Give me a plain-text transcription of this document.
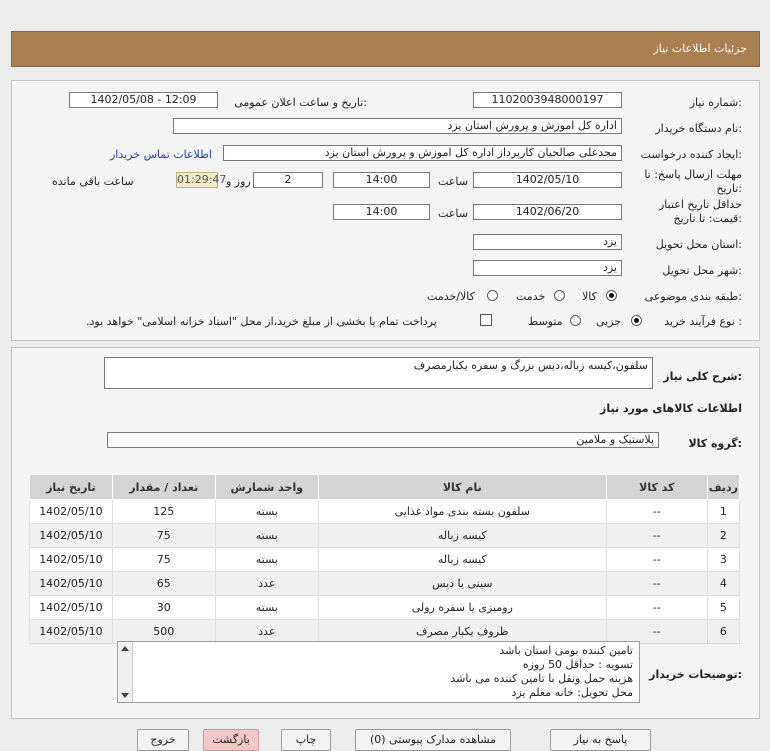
جزئیات اطلاعات نیاز
شماره نیاز:
1102003948000197
تاریخ و ساعت اعلان عمومی:
1402/05/08 - 12:09
نام دستگاه خریدار:
اداره کل اموزش و پرورش استان یزد
ایجاد کننده درخواست:
مجدعلی صالحیان کارپرداز اداره کل اموزش و پرورش استان یزد
اطلاعات تماس خریدار
مهلت ارسال پاسخ: تا تاریخ:
1402/05/10
ساعت
14:00
2
روز و
01:29:47
ساعت باقی مانده
حداقل تاریخ اعتبار قیمت: تا تاریخ:
1402/06/20
ساعت
14:00
استان محل تحویل:
یزد
شهر محل تحویل:
یزد
طبقه بندی موضوعی:
کالا
خدمت
کالا/خدمت
نوع فرآیند خرید :
جزیی
متوسط
پرداخت تمام یا بخشی از مبلغ خرید،از محل "اسناد خزانه اسلامی" خواهد بود.
شرح کلی نیاز:
سلفون،کیسه زباله،دیس بزرگ و سفره یکبارمصرف
اطلاعات کالاهای مورد نیاز
گروه کالا:
پلاستیک و ملامین
ردیف	کد کالا	نام کالا	واحد شمارش	تعداد / مقدار	تاریخ نیاز
1	--	سلفون بسته بندی مواد غذایی	بسته	125	1402/05/10
2	--	کیسه زباله	بسته	75	1402/05/10
3	--	کیسه زباله	بسته	75	1402/05/10
4	--	سینی یا دیس	عدد	65	1402/05/10
5	--	رومیزی یا سفره رولی	بسته	30	1402/05/10
6	--	ظروف یکبار مصرف	عدد	500	1402/05/10
توضیحات خریدار:
تامین کننده بومی استان باشد
تسویه : حداقل 50 روزه
هزینه حمل ونقل با تامین کننده می باشد
محل تحویل: خانه معلم یزد
پاسخ به نیاز
مشاهده مدارک پیوستی (0)
چاپ
بازگشت
خروج
